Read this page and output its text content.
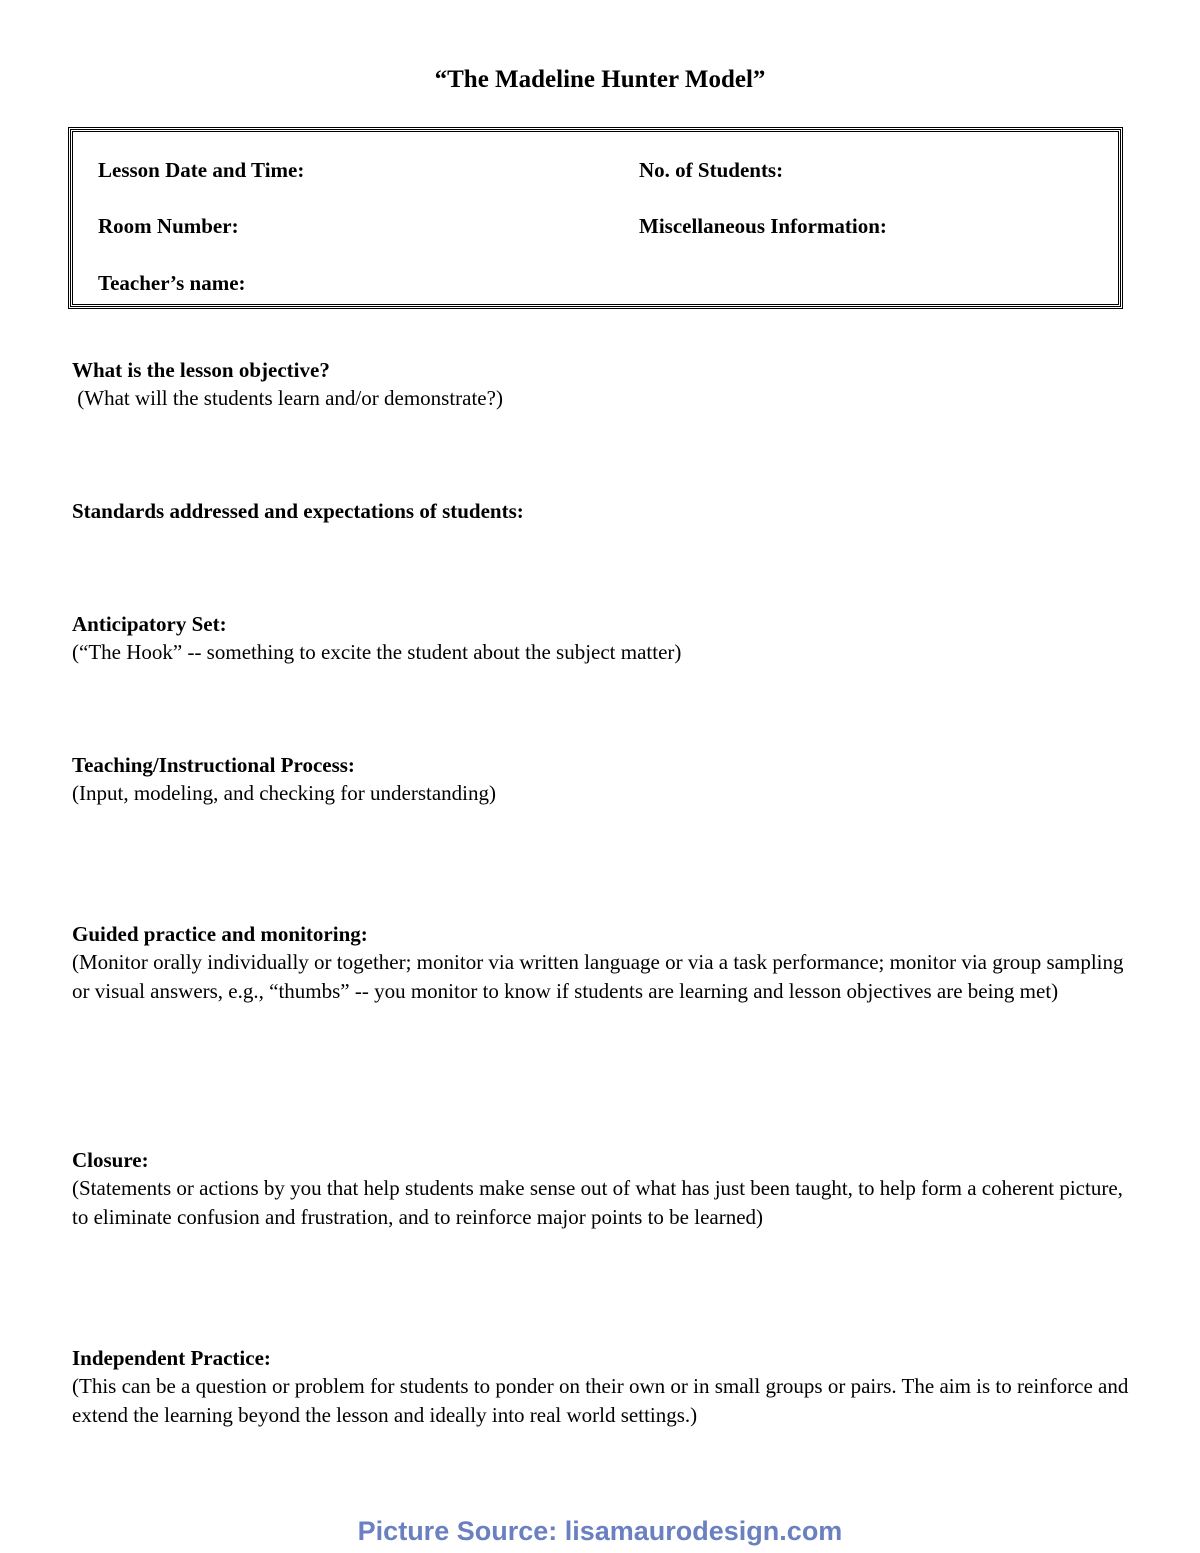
“The Madeline Hunter Model”
Lesson Date and Time:	No. of Students:
Room Number:	Miscellaneous Information:
Teacher’s name:
What is the lesson objective?
(What will the students learn and/or demonstrate?)
Standards addressed and expectations of students:
Anticipatory Set:
(“The Hook” -- something to excite the student about the subject matter)
Teaching/Instructional Process:
(Input, modeling, and checking for understanding)
Guided practice and monitoring:
(Monitor orally individually or together; monitor via written language or via a task performance; monitor via group sampling or visual answers, e.g., “thumbs” -- you monitor to know if students are learning and lesson objectives are being met)
Closure:
(Statements or actions by you that help students make sense out of what has just been taught, to help form a coherent picture, to eliminate confusion and frustration, and to reinforce major points to be learned)
Independent Practice:
(This can be a question or problem for students to ponder on their own or in small groups or pairs. The aim is to reinforce and extend the learning beyond the lesson and ideally into real world settings.)
Picture Source: lisamaurodesign.com
